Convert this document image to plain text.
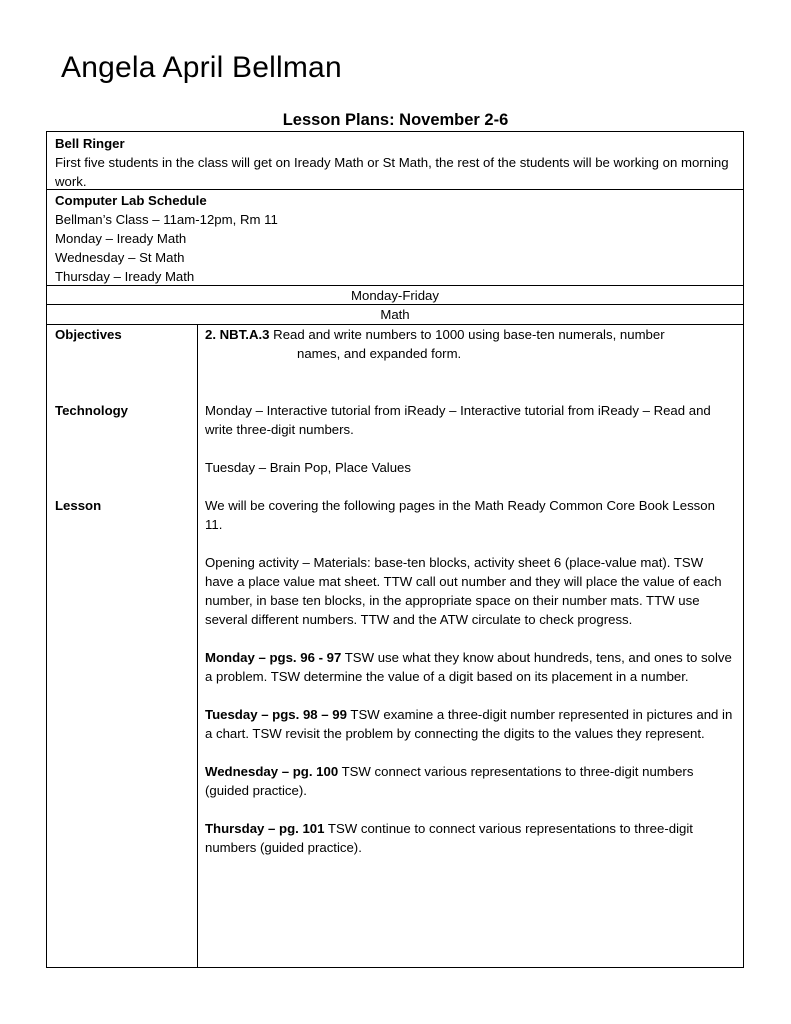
Angela April Bellman
Lesson Plans: November 2-6
Bell Ringer
First five students in the class will get on Iready Math or St Math, the rest of the students will be working on morning work.
Computer Lab Schedule
Bellman’s Class – 11am-12pm, Rm 11
Monday – Iready Math
Wednesday – St Math
Thursday – Iready Math
Monday-Friday
Math
Objectives	2. NBT.A.3 Read and write numbers to 1000 using base-ten numerals, number

names, and expanded form.

Technology	Monday – Interactive tutorial from iReady – Interactive tutorial from iReady – Read and write three-digit numbers.

Tuesday – Brain Pop, Place Values

Lesson	We will be covering the following pages in the Math Ready Common Core Book Lesson 11.

Opening activity – Materials: base-ten blocks, activity sheet 6 (place-value mat). TSW have a place value mat sheet. TTW call out number and they will place the value of each number, in base ten blocks, in the appropriate space on their number mats. TTW use several different numbers. TTW and the ATW circulate to check progress.

Monday – pgs. 96 - 97 TSW use what they know about hundreds, tens, and ones to solve a problem. TSW determine the value of a digit based on its placement in a number.

Tuesday – pgs. 98 – 99 TSW examine a three-digit number represented in pictures and in a chart. TSW revisit the problem by connecting the digits to the values they represent.

Wednesday – pg. 100 TSW connect various representations to three-digit numbers (guided practice).

Thursday – pg. 101 TSW continue to connect various representations to three-digit numbers (guided practice).
